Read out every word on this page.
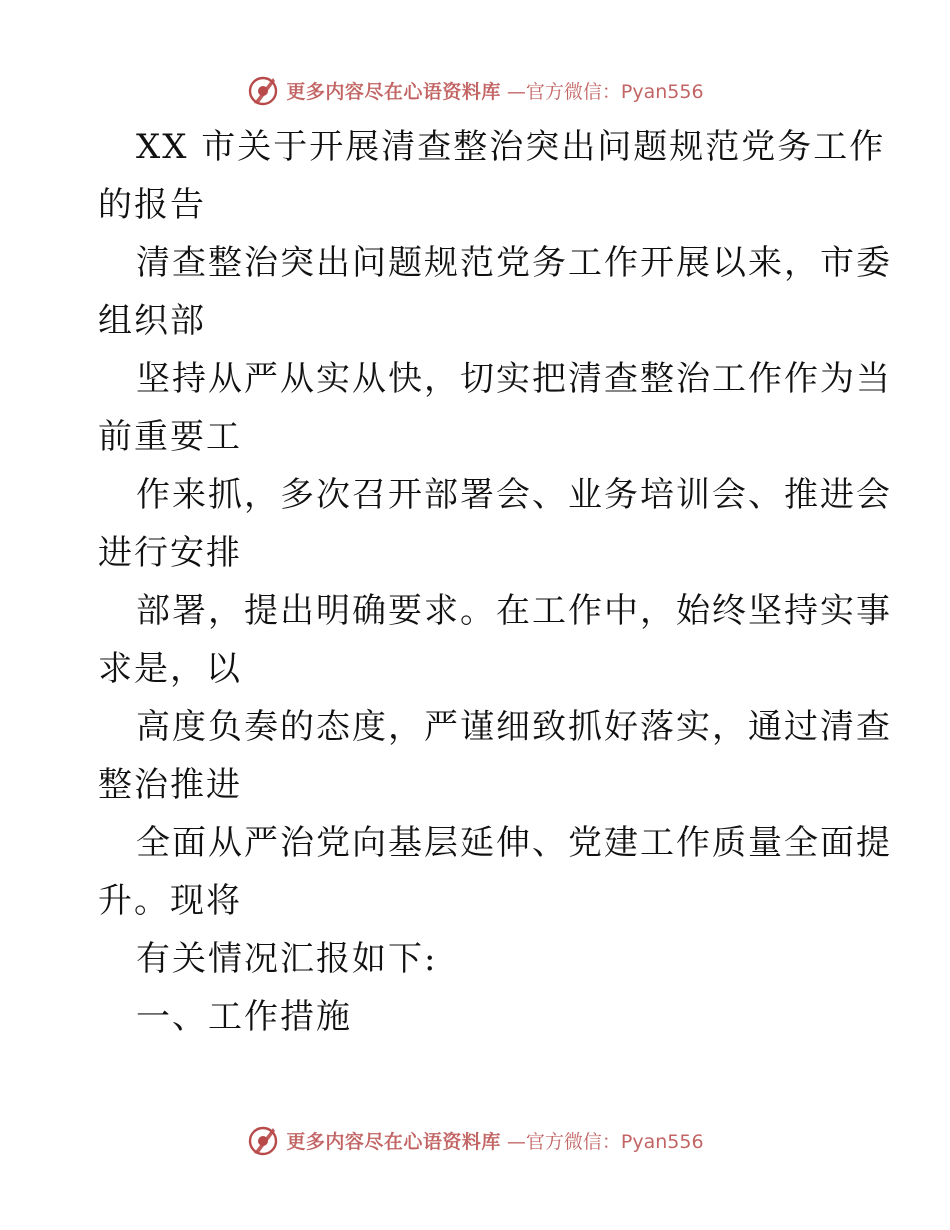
更多内容尽在心语资料库 —官方微信：Pyan556
XX 市关于开展清查整治突出问题规范党务工作
的报告
清查整治突出问题规范党务工作开展以来，市委
组织部
坚持从严从实从快，切实把清查整治工作作为当
前重要工
作来抓，多次召开部署会、业务培训会、推进会
进行安排
部署，提出明确要求。在工作中，始终坚持实事
求是，以
高度负奏的态度，严谨细致抓好落实，通过清查
整治推进
全面从严治党向基层延伸、党建工作质量全面提
升。现将
有关情况汇报如下:
一、工作措施
更多内容尽在心语资料库 —官方微信：Pyan556
